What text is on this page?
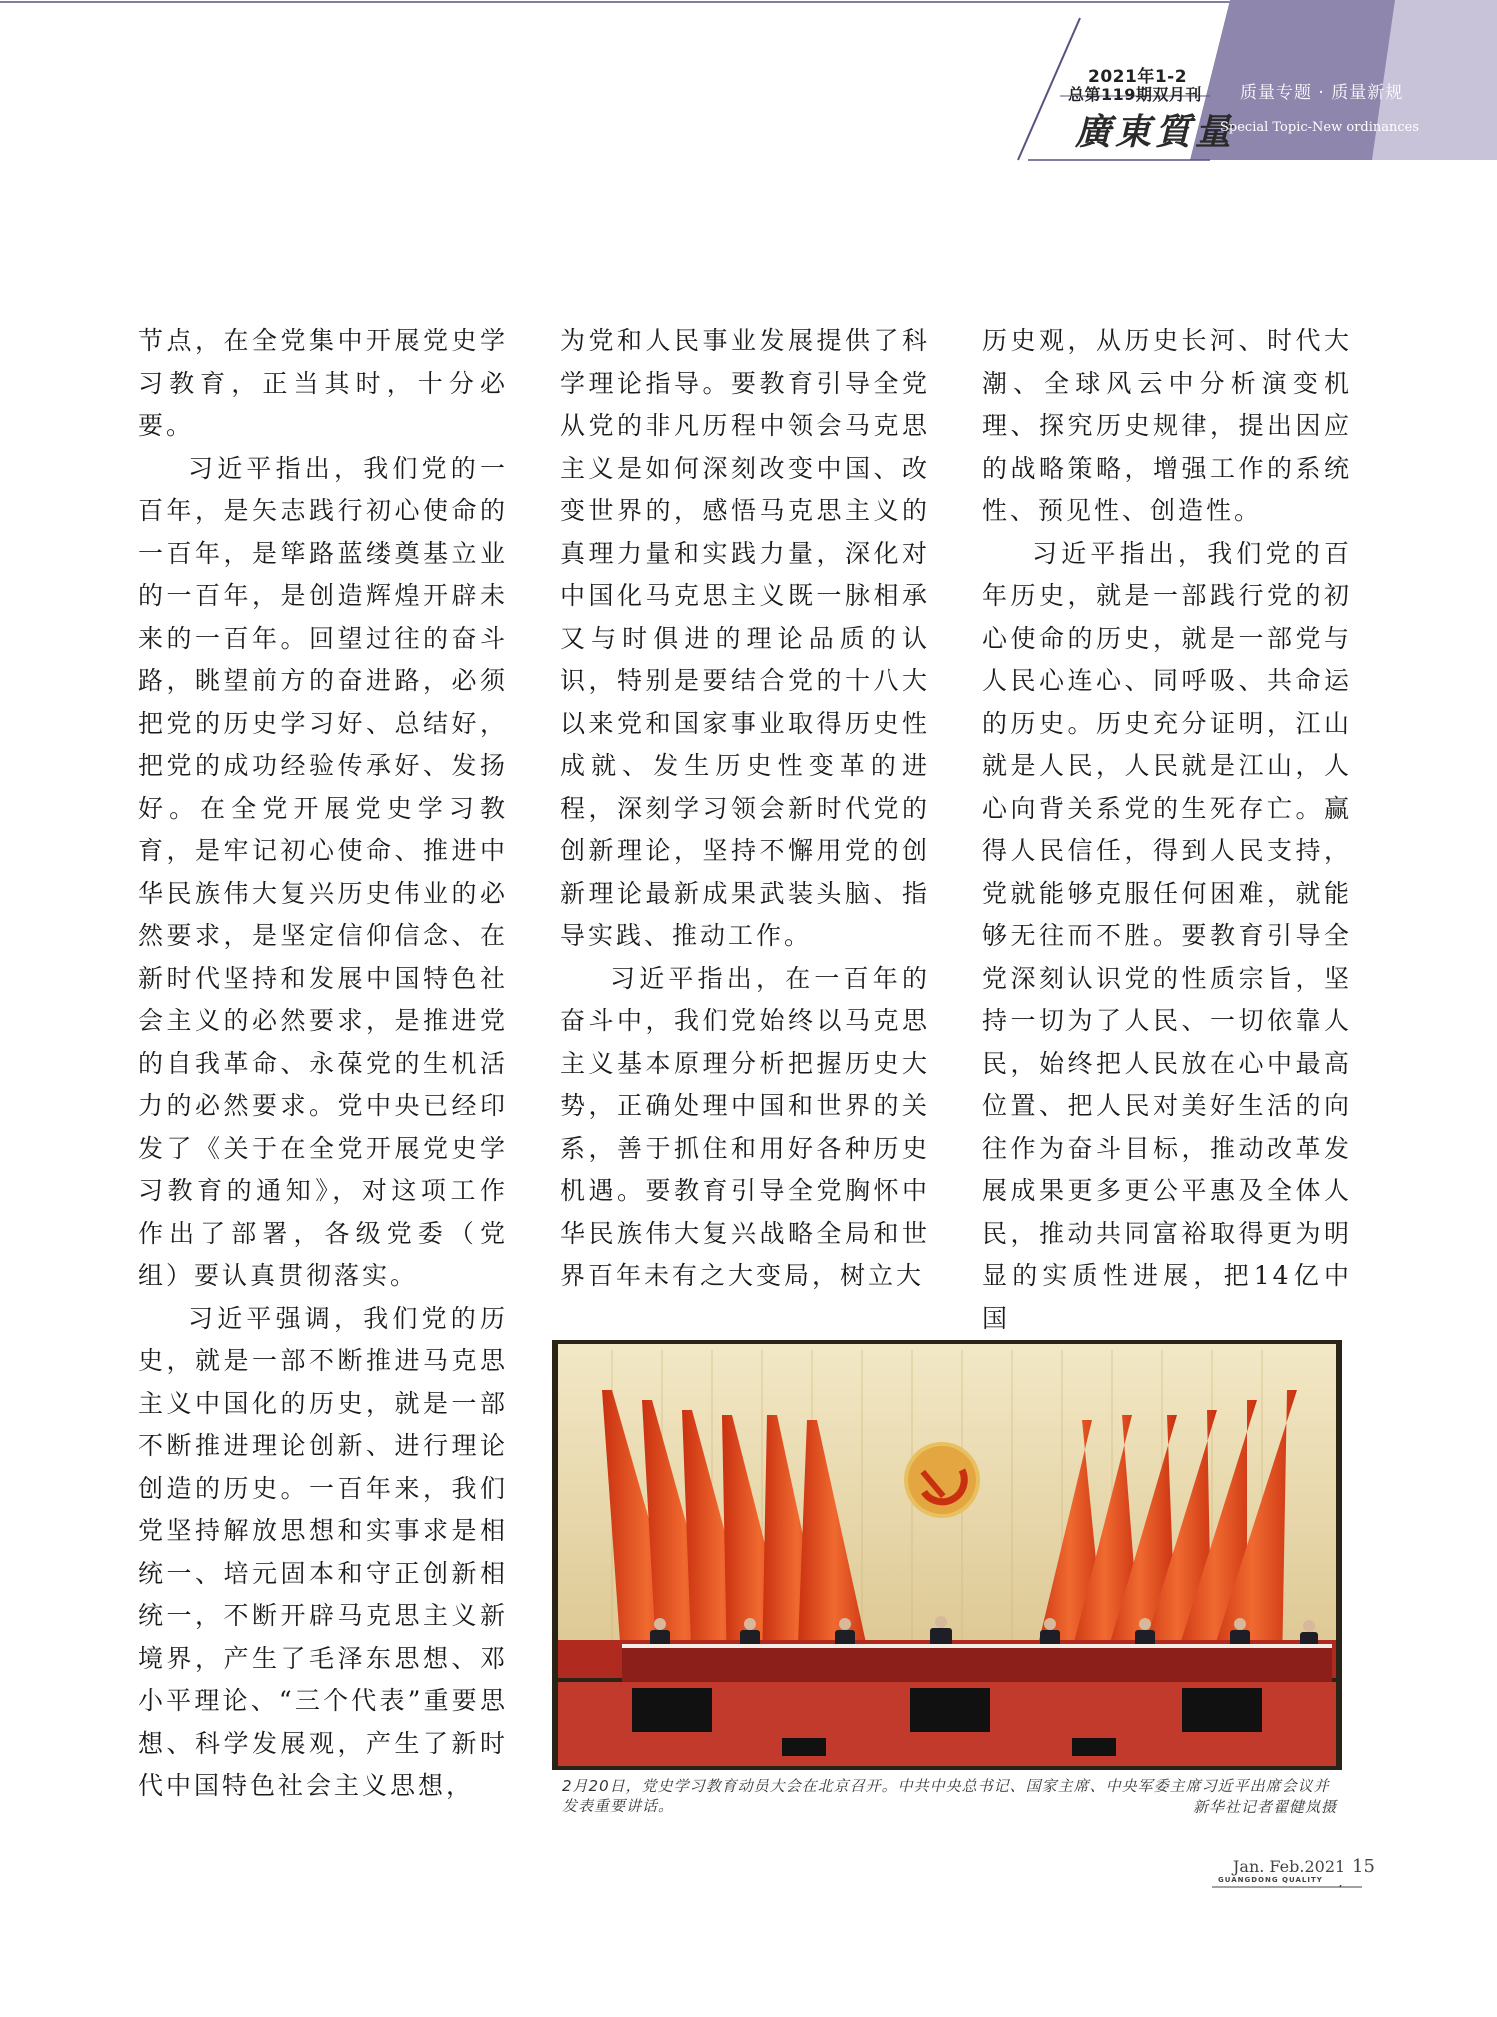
2021年1-2
总第119期双月刊
廣東質量
质量专题 · 质量新规
Special Topic-New ordinances

节点，在全党集中开展党史学习教育，正当其时，十分必要。

习近平指出，我们党的一百年，是矢志践行初心使命的一百年，是筚路蓝缕奠基立业的一百年，是创造辉煌开辟未来的一百年。回望过往的奋斗路，眺望前方的奋进路，必须把党的历史学习好、总结好，把党的成功经验传承好、发扬好。在全党开展党史学习教育，是牢记初心使命、推进中华民族伟大复兴历史伟业的必然要求，是坚定信仰信念、在新时代坚持和发展中国特色社会主义的必然要求，是推进党的自我革命、永葆党的生机活力的必然要求。党中央已经印发了《关于在全党开展党史学习教育的通知》，对这项工作作出了部署，各级党委（党组）要认真贯彻落实。

习近平强调，我们党的历史，就是一部不断推进马克思主义中国化的历史，就是一部不断推进理论创新、进行理论创造的历史。一百年来，我们党坚持解放思想和实事求是相统一、培元固本和守正创新相统一，不断开辟马克思主义新境界，产生了毛泽东思想、邓小平理论、“三个代表”重要思想、科学发展观，产生了新时代中国特色社会主义思想，

为党和人民事业发展提供了科学理论指导。要教育引导全党从党的非凡历程中领会马克思主义是如何深刻改变中国、改变世界的，感悟马克思主义的真理力量和实践力量，深化对中国化马克思主义既一脉相承又与时俱进的理论品质的认识，特别是要结合党的十八大以来党和国家事业取得历史性成就、发生历史性变革的进程，深刻学习领会新时代党的创新理论，坚持不懈用党的创新理论最新成果武装头脑、指导实践、推动工作。

习近平指出，在一百年的奋斗中，我们党始终以马克思主义基本原理分析把握历史大势，正确处理中国和世界的关系，善于抓住和用好各种历史机遇。要教育引导全党胸怀中华民族伟大复兴战略全局和世界百年未有之大变局，树立大

历史观，从历史长河、时代大潮、全球风云中分析演变机理、探究历史规律，提出因应的战略策略，增强工作的系统性、预见性、创造性。

习近平指出，我们党的百年历史，就是一部践行党的初心使命的历史，就是一部党与人民心连心、同呼吸、共命运的历史。历史充分证明，江山就是人民，人民就是江山，人心向背关系党的生死存亡。赢得人民信任，得到人民支持，党就能够克服任何困难，就能够无往而不胜。要教育引导全党深刻认识党的性质宗旨，坚持一切为了人民、一切依靠人民，始终把人民放在心中最高位置、把人民对美好生活的向往作为奋斗目标，推动改革发展成果更多更公平惠及全体人民，推动共同富裕取得更为明显的实质性进展，把14亿中国

2月20日，党史学习教育动员大会在北京召开。中共中央总书记、国家主席、中央军委主席习近平出席会议并发表重要讲话。	新华社记者翟健岚摄
Jan. Feb.2021
GUANGDONG QUALITY
15
